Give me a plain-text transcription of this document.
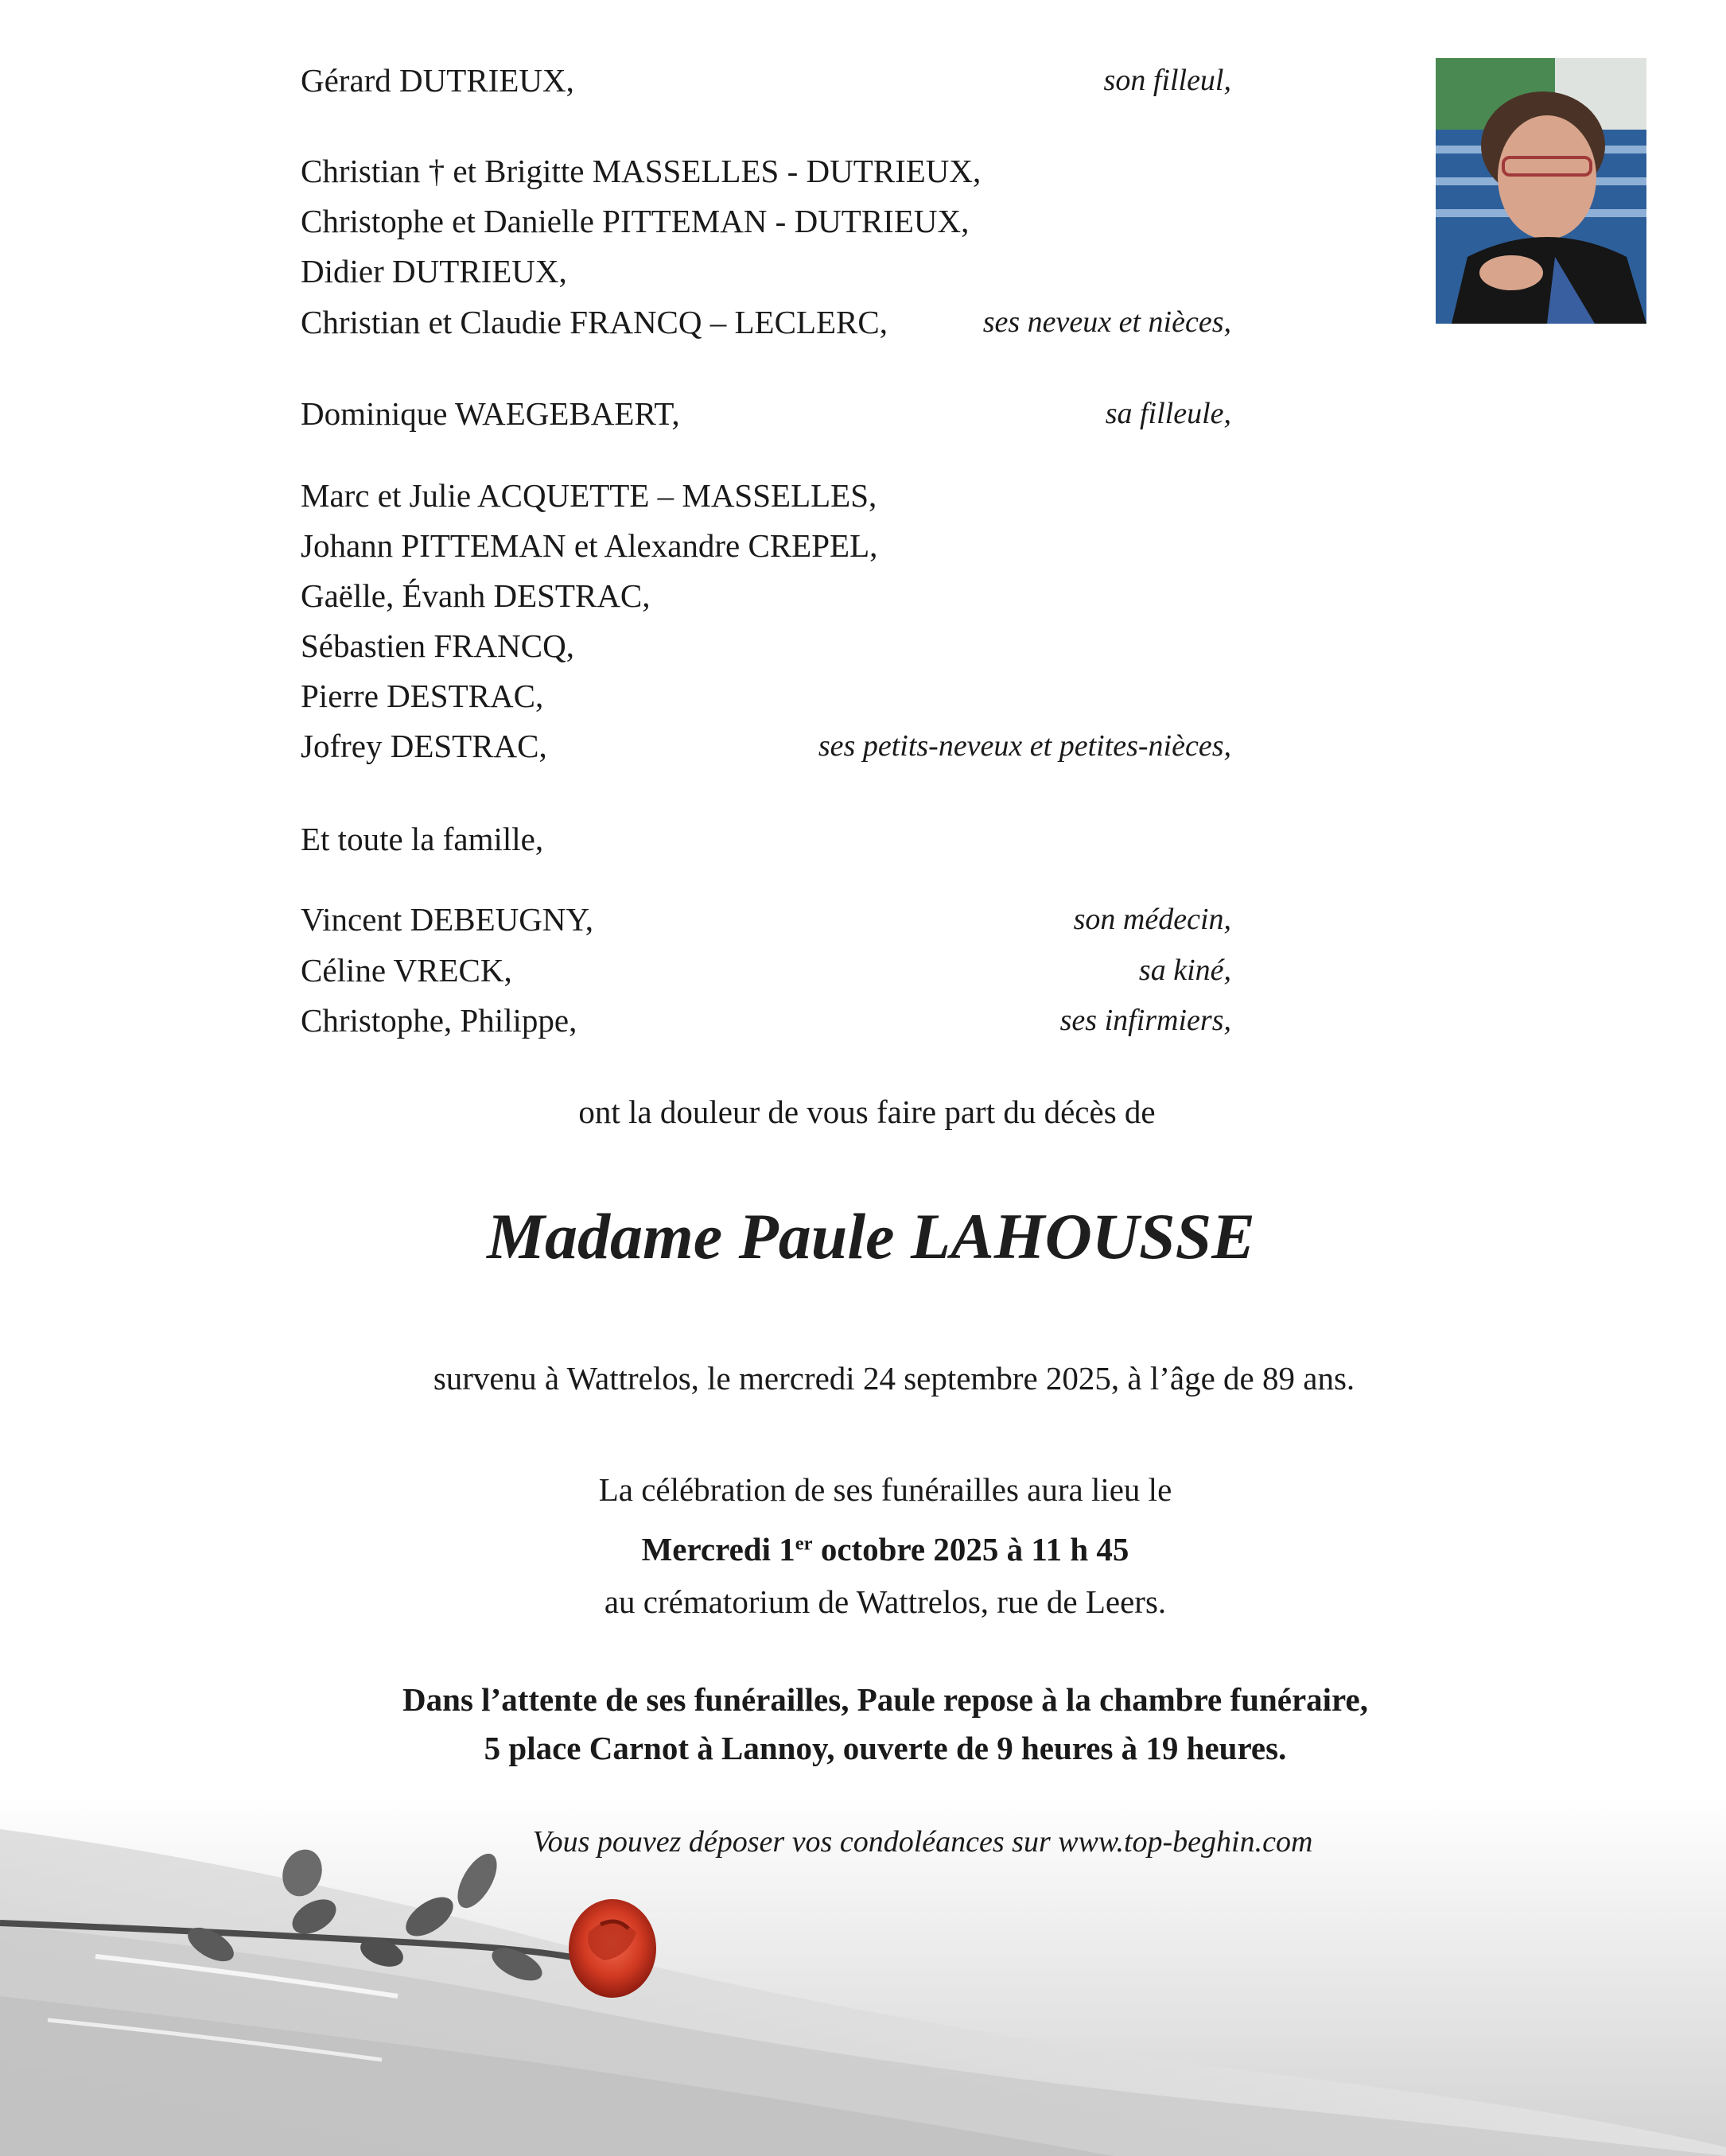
Gérard DUTRIEUX,	son filleul,
Christian † et Brigitte MASSELLES - DUTRIEUX,
Christophe et Danielle PITTEMAN - DUTRIEUX,
Didier DUTRIEUX,
Christian et Claudie FRANCQ – LECLERC,	ses neveux et nièces,
Dominique WAEGEBAERT,	sa filleule,
Marc et Julie ACQUETTE – MASSELLES,
Johann PITTEMAN et Alexandre CREPEL,
Gaëlle, Évanh DESTRAC,
Sébastien FRANCQ,
Pierre DESTRAC,
Jofrey DESTRAC,	ses petits-neveux et petites-nièces,
Et toute la famille,
Vincent DEBEUGNY,	son médecin,
Céline VRECK,	sa kiné,
Christophe, Philippe,	ses infirmiers,
ont la douleur de vous faire part du décès de
Madame Paule LAHOUSSE
survenu à Wattrelos, le mercredi 24 septembre 2025, à l’âge de 89 ans.
La célébration de ses funérailles aura lieu le
Mercredi 1er octobre 2025 à 11 h 45
au crématorium de Wattrelos, rue de Leers.
Dans l’attente de ses funérailles, Paule repose à la chambre funéraire,
5 place Carnot à Lannoy, ouverte de 9 heures à 19 heures.
Vous pouvez déposer vos condoléances sur www.top-beghin.com
